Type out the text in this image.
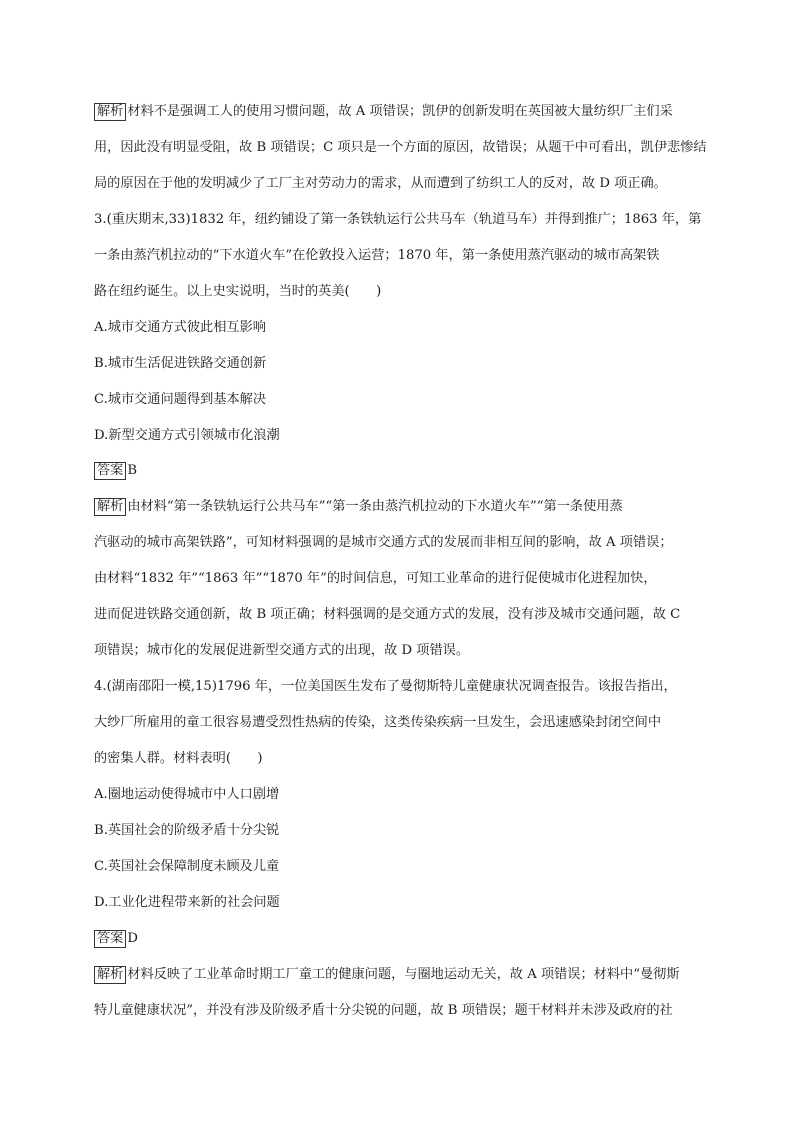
解析 材料不是强调工人的使用习惯问题，故 A 项错误；凯伊的创新发明在英国被大量纺织厂主们采
用，因此没有明显受阻，故 B 项错误；C 项只是一个方面的原因，故错误；从题干中可看出，凯伊悲惨结
局的原因在于他的发明减少了工厂主对劳动力的需求，从而遭到了纺织工人的反对，故 D 项正确。
3.(重庆期末,33)1832 年，纽约铺设了第一条铁轨运行公共马车（轨道马车）并得到推广；1863 年，第
一条由蒸汽机拉动的“下水道火车”在伦敦投入运营；1870 年，第一条使用蒸汽驱动的城市高架铁
路在纽约诞生。以上史实说明，当时的英美(　　)
A.城市交通方式彼此相互影响
B.城市生活促进铁路交通创新
C.城市交通问题得到基本解决
D.新型交通方式引领城市化浪潮
答案 B
解析 由材料“第一条铁轨运行公共马车”“第一条由蒸汽机拉动的下水道火车”“第一条使用蒸
汽驱动的城市高架铁路”，可知材料强调的是城市交通方式的发展而非相互间的影响，故 A 项错误；
由材料“1832 年”“1863 年”“1870 年”的时间信息，可知工业革命的进行促使城市化进程加快，
进而促进铁路交通创新，故 B 项正确；材料强调的是交通方式的发展，没有涉及城市交通问题，故 C
项错误；城市化的发展促进新型交通方式的出现，故 D 项错误。
4.(湖南邵阳一模,15)1796 年，一位美国医生发布了曼彻斯特儿童健康状况调查报告。该报告指出，
大纱厂所雇用的童工很容易遭受烈性热病的传染，这类传染疾病一旦发生，会迅速感染封闭空间中
的密集人群。材料表明(　　)
A.圈地运动使得城市中人口剧增
B.英国社会的阶级矛盾十分尖锐
C.英国社会保障制度未顾及儿童
D.工业化进程带来新的社会问题
答案 D
解析 材料反映了工业革命时期工厂童工的健康问题，与圈地运动无关，故 A 项错误；材料中“曼彻斯
特儿童健康状况”，并没有涉及阶级矛盾十分尖锐的问题，故 B 项错误；题干材料并未涉及政府的社
